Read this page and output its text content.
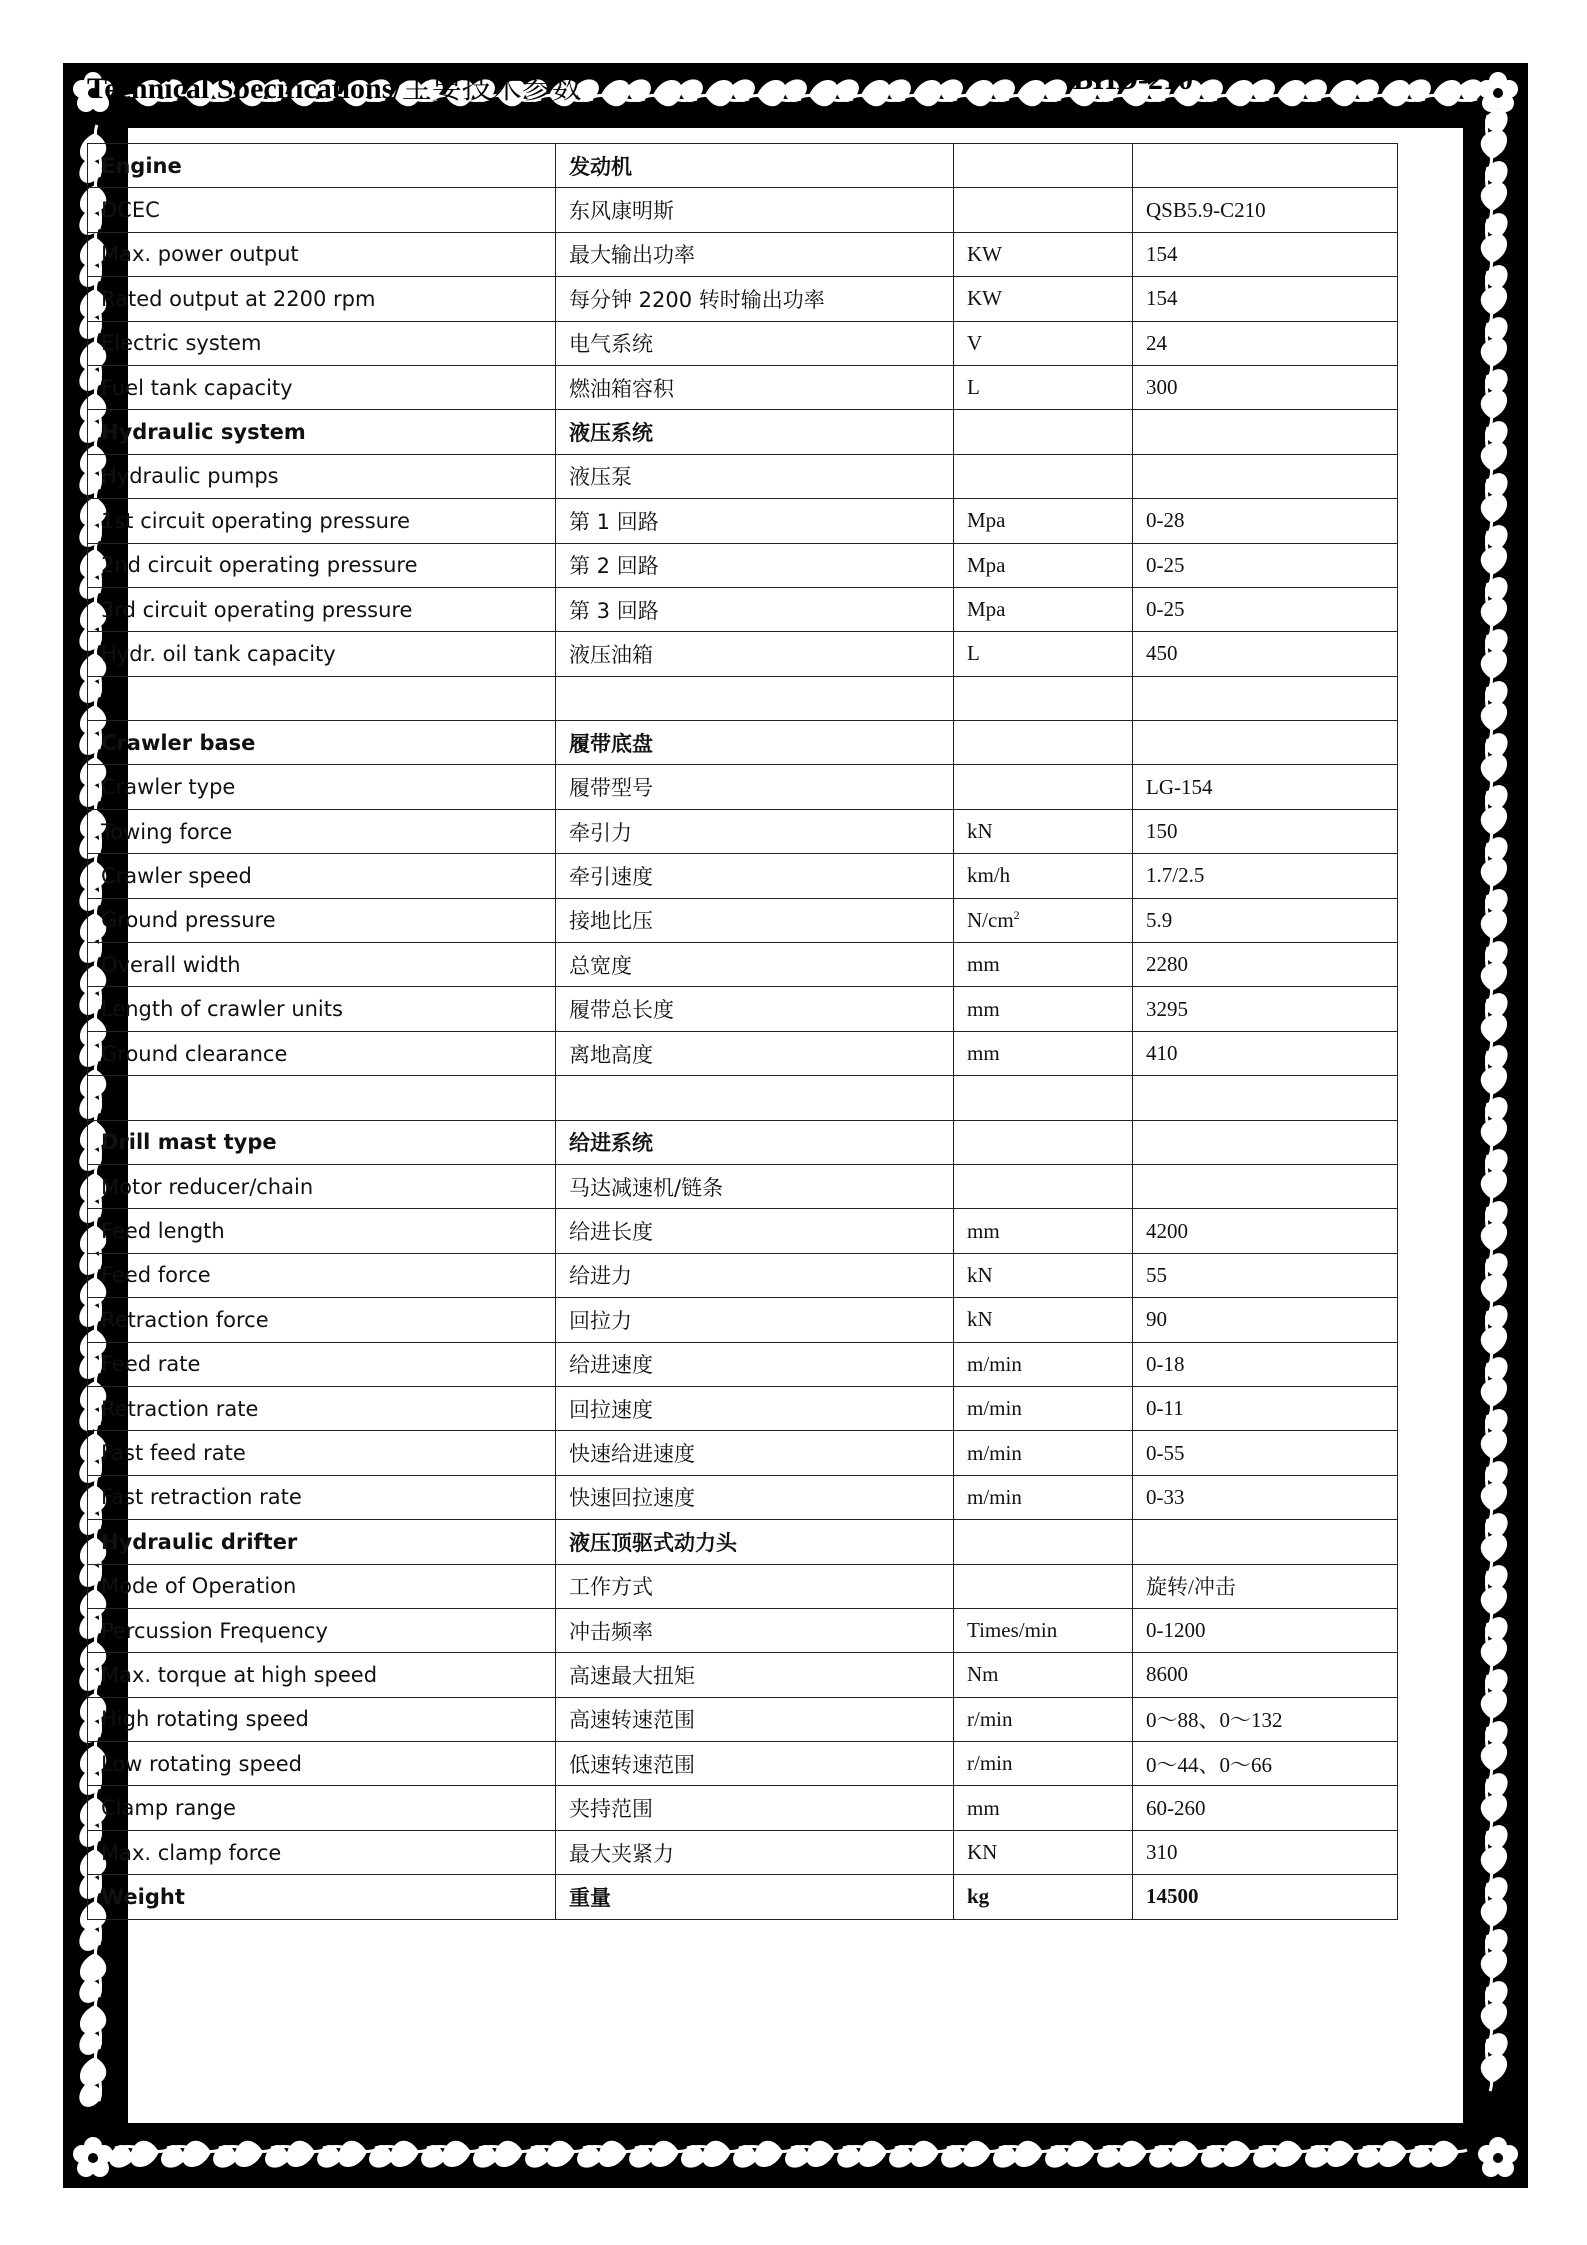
Technical Specifications/主要技术参数	BHD-210
Engine	发动机		
DCEC	东风康明斯		QSB5.9-C210
Max. power output	最大输出功率	KW	154
Rated output at 2200 rpm	每分钟 2200 转时输出功率	KW	154
Electric system	电气系统	V	24
Fuel tank capacity	燃油箱容积	L	300
Hydraulic system	液压系统		
Hydraulic pumps	液压泵		
1st circuit operating pressure	第 1 回路	Mpa	0-28
2nd circuit operating pressure	第 2 回路	Mpa	0-25
3rd circuit operating pressure	第 3 回路	Mpa	0-25
Hydr. oil tank capacity	液压油箱	L	450

Crawler base	履带底盘		
Crawler type	履带型号		LG-154
Towing force	牵引力	kN	150
Crawler speed	牵引速度	km/h	1.7/2.5
Ground pressure	接地比压	$N/cm^2$	5.9
Overall width	总宽度	mm	2280
Length of crawler units	履带总长度	mm	3295
Ground clearance	离地高度	mm	410

Drill mast type	给进系统		
Motor reducer/chain	马达减速机/链条		
Feed length	给进长度	mm	4200
Feed force	给进力	kN	55
Retraction force	回拉力	kN	90
Feed rate	给进速度	m/min	0-18
Retraction rate	回拉速度	m/min	0-11
Fast feed rate	快速给进速度	m/min	0-55
Fast retraction rate	快速回拉速度	m/min	0-33
Hydraulic drifter	液压顶驱式动力头		
Mode of Operation	工作方式		旋转/冲击
Percussion Frequency	冲击频率	Times/min	0-1200
Max. torque at high speed	高速最大扭矩	Nm	8600
High rotating speed	高速转速范围	r/min	0～88、0～132
Low rotating speed	低速转速范围	r/min	0～44、0～66
Clamp range	夹持范围	mm	60-260
Max. clamp force	最大夹紧力	KN	310
Weight	重量	kg	14500
